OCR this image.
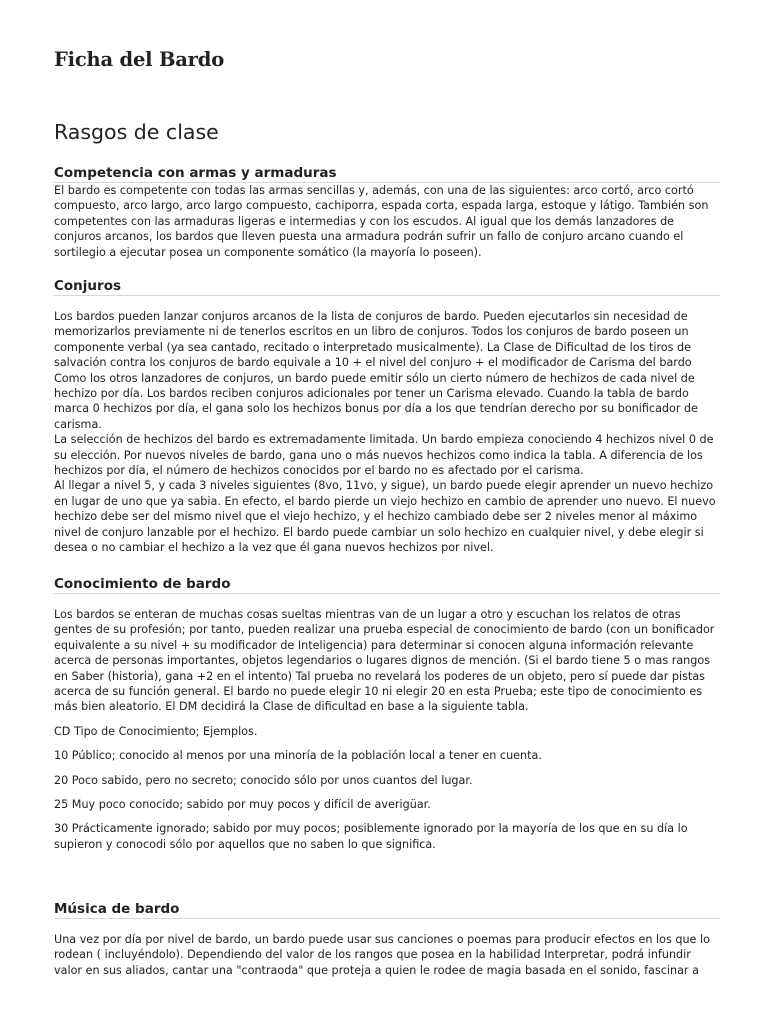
Ficha del Bardo
Rasgos de clase
Competencia con armas y armaduras

El bardo es competente con todas las armas sencillas y, además, con una de las siguientes: arco cortó, arco cortó compuesto, arco largo, arco largo compuesto, cachiporra, espada corta, espada larga, estoque y látigo. También son competentes con las armaduras ligeras e intermedias y con los escudos. Al igual que los demás lanzadores de conjuros arcanos, los bardos que lleven puesta una armadura podrán sufrir un fallo de conjuro arcano cuando el sortilegio a ejecutar posea un componente somático (la mayoría lo poseen).

Conjuros

Los bardos pueden lanzar conjuros arcanos de la lista de conjuros de bardo. Pueden ejecutarlos sin necesidad de memorizarlos previamente ni de tenerlos escritos en un libro de conjuros. Todos los conjuros de bardo poseen un componente verbal (ya sea cantado, recitado o interpretado musicalmente). La Clase de Dificultad de los tiros de salvación contra los conjuros de bardo equivale a 10 + el nivel del conjuro + el modificador de Carisma del bardo Como los otros lanzadores de conjuros, un bardo puede emitir sólo un cierto número de hechizos de cada nivel de hechizo por día. Los bardos reciben conjuros adicionales por tener un Carisma elevado. Cuando la tabla de bardo marca 0 hechizos por día, el gana solo los hechizos bonus por día a los que tendrían derecho por su bonificador de carisma.

La selección de hechizos del bardo es extremadamente limitada. Un bardo empieza conociendo 4 hechizos nivel 0 de su elección. Por nuevos niveles de bardo, gana uno o más nuevos hechizos como indica la tabla. A diferencia de los hechizos por día, el número de hechizos conocidos por el bardo no es afectado por el carisma.

Al llegar a nivel 5, y cada 3 niveles siguientes (8vo, 11vo, y sigue), un bardo puede elegir aprender un nuevo hechizo en lugar de uno que ya sabia. En efecto, el bardo pierde un viejo hechizo en cambio de aprender uno nuevo. El nuevo hechizo debe ser del mismo nivel que el viejo hechizo, y el hechizo cambiado debe ser 2 niveles menor al máximo nivel de conjuro lanzable por el hechizo. El bardo puede cambiar un solo hechizo en cualquier nivel, y debe elegir si desea o no cambiar el hechizo a la vez que él gana nuevos hechizos por nivel.

Conocimiento de bardo

Los bardos se enteran de muchas cosas sueltas mientras van de un lugar a otro y escuchan los relatos de otras gentes de su profesión; por tanto, pueden realizar una prueba especial de conocimiento de bardo (con un bonificador equivalente a su nivel + su modificador de Inteligencia) para determinar si conocen alguna información relevante acerca de personas importantes, objetos legendarios o lugares dignos de mención. (Si el bardo tiene 5 o mas rangos en Saber (historia), gana +2 en el intento) Tal prueba no revelará los poderes de un objeto, pero sí puede dar pistas acerca de su función general. El bardo no puede elegir 10 ni elegir 20 en esta Prueba; este tipo de conocimiento es más bien aleatorio. El DM decidirá la Clase de dificultad en base a la siguiente tabla.

CD Tipo de Conocimiento; Ejemplos.

10 Público; conocido al menos por una minoría de la población local a tener en cuenta.

20 Poco sabido, pero no secreto; conocido sólo por unos cuantos del lugar.

25 Muy poco conocido; sabido por muy pocos y difícil de averigüar.

30 Prácticamente ignorado; sabido por muy pocos; posiblemente ignorado por la mayoría de los que en su día lo supieron y conocodi sólo por aquellos que no saben lo que significa.

Música de bardo

Una vez por día por nivel de bardo, un bardo puede usar sus canciones o poemas para producir efectos en los que lo rodean ( incluyéndolo). Dependiendo del valor de los rangos que posea en la habilidad Interpretar, podrá infundir valor en sus aliados, cantar una "contraoda" que proteja a quien le rodee de magia basada en el sonido, fascinar a
